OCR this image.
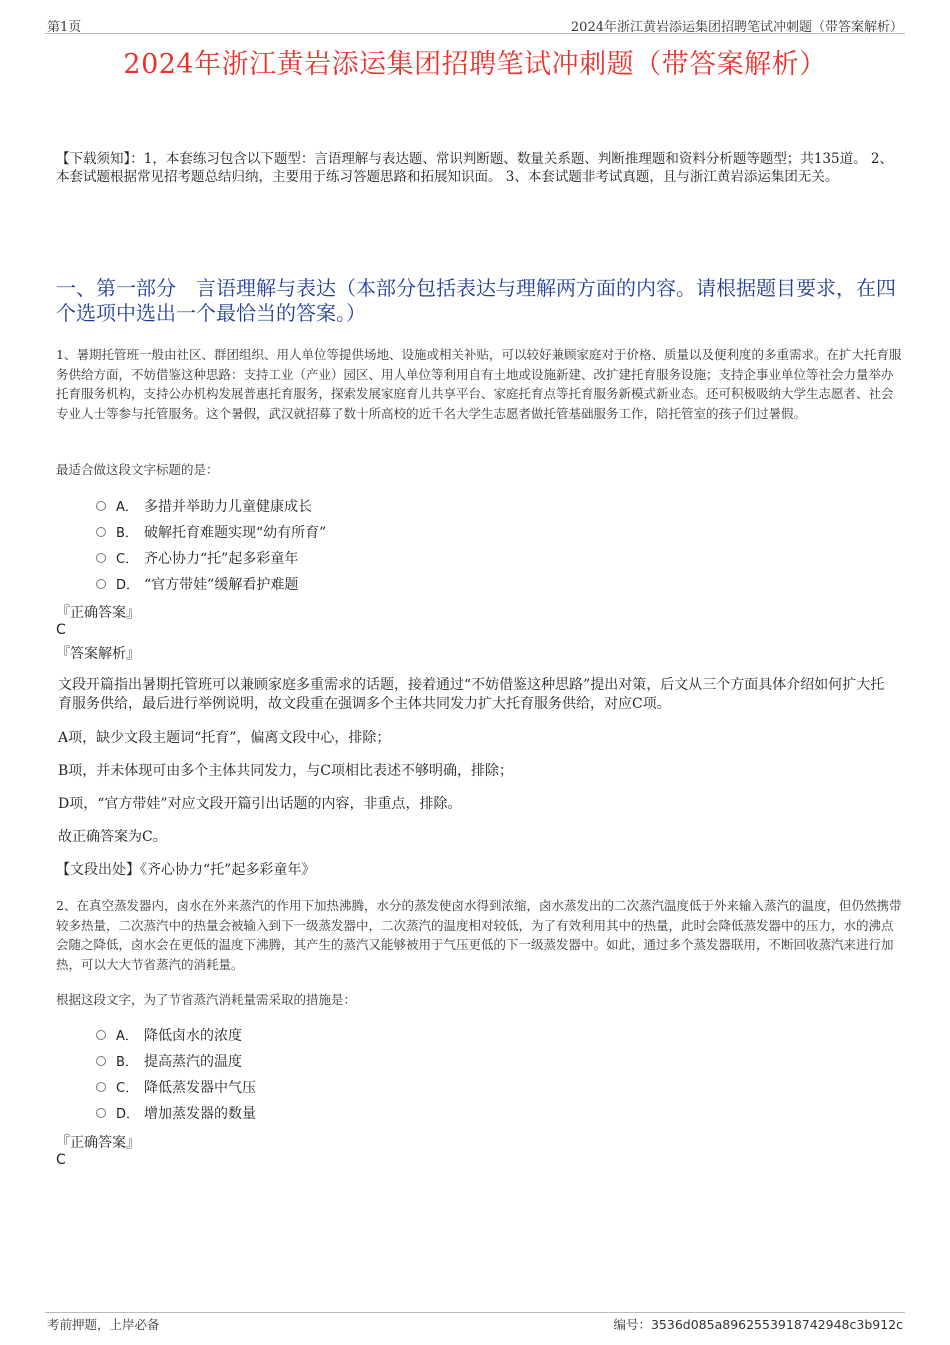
第1页	2024年浙江黄岩添运集团招聘笔试冲刺题（带答案解析）
2024年浙江黄岩添运集团招聘笔试冲刺题（带答案解析）
【下载须知】：1，本套练习包含以下题型：言语理解与表达题、常识判断题、数量关系题、判断推理题和资料分析题等题型；共135道。 2、本套试题根据常见招考题总结归纳，主要用于练习答题思路和拓展知识面。 3、本套试题非考试真题，且与浙江黄岩添运集团无关。
一、第一部分　言语理解与表达（本部分包括表达与理解两方面的内容。请根据题目要求，在四个选项中选出一个最恰当的答案。）
1、暑期托管班一般由社区、群团组织、用人单位等提供场地、设施或相关补贴，可以较好兼顾家庭对于价格、质量以及便利度的多重需求。在扩大托育服务供给方面，不妨借鉴这种思路：支持工业（产业）园区、用人单位等利用自有土地或设施新建、改扩建托育服务设施；支持企事业单位等社会力量举办托育服务机构，支持公办机构发展普惠托育服务，探索发展家庭育儿共享平台、家庭托育点等托育服务新模式新业态。还可积极吸纳大学生志愿者、社会专业人士等参与托管服务。这个暑假，武汉就招募了数十所高校的近千名大学生志愿者做托管基础服务工作，陪托管室的孩子们过暑假。
最适合做这段文字标题的是：
A． 多措并举助力儿童健康成长
B． 破解托育难题实现“幼有所育”
C． 齐心协力“托”起多彩童年
D． “官方带娃”缓解看护难题
『正确答案』
C
『答案解析』
文段开篇指出暑期托管班可以兼顾家庭多重需求的话题，接着通过“不妨借鉴这种思路”提出对策，后文从三个方面具体介绍如何扩大托育服务供给，最后进行举例说明，故文段重在强调多个主体共同发力扩大托育服务供给，对应C项。
A项，缺少文段主题词“托育”，偏离文段中心，排除；
B项，并未体现可由多个主体共同发力，与C项相比表述不够明确，排除；
D项，“官方带娃”对应文段开篇引出话题的内容，非重点，排除。
故正确答案为C。
【文段出处】《齐心协力“托”起多彩童年》
2、在真空蒸发器内，卤水在外来蒸汽的作用下加热沸腾，水分的蒸发使卤水得到浓缩，卤水蒸发出的二次蒸汽温度低于外来输入蒸汽的温度，但仍然携带较多热量，二次蒸汽中的热量会被输入到下一级蒸发器中，二次蒸汽的温度相对较低，为了有效利用其中的热量，此时会降低蒸发器中的压力，水的沸点会随之降低，卤水会在更低的温度下沸腾，其产生的蒸汽又能够被用于气压更低的下一级蒸发器中。如此，通过多个蒸发器联用，不断回收蒸汽来进行加热，可以大大节省蒸汽的消耗量。
根据这段文字，为了节省蒸汽消耗量需采取的措施是：
A． 降低卤水的浓度
B． 提高蒸汽的温度
C． 降低蒸发器中气压
D． 增加蒸发器的数量
『正确答案』
C
考前押题，上岸必备	编号：3536d085a8962553918742948c3b912c
